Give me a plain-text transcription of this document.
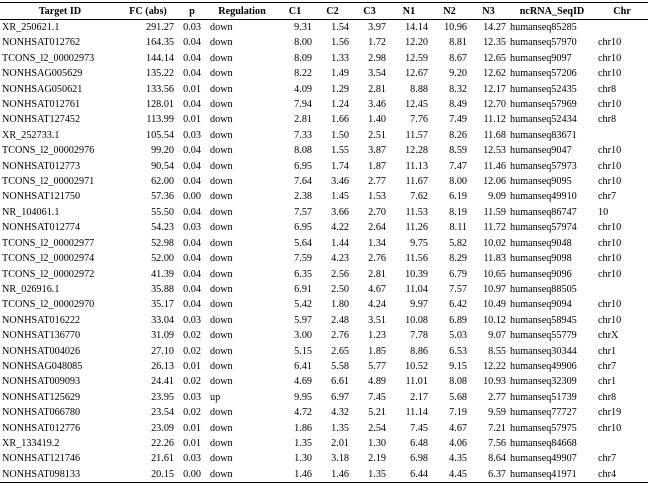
Target ID	FC (abs)	p	Regulation	C1	C2	C3	N1	N2	N3	ncRNA_SeqID	Chr
XR_250621.1	291.27	0.03	down	9.31	1.54	3.97	14.14	10.96	14.27	humanseq85285	
NONHSAT012762	164.35	0.04	down	8.00	1.56	1.72	12.20	8.81	12.35	humanseq57970	chr10
TCONS_l2_00002973	144.14	0.04	down	8.09	1.33	2.98	12.59	8.67	12.65	humanseq9097	chr10
NONHSAG005629	135.22	0.04	down	8.22	1.49	3.54	12.67	9.20	12.62	humanseq57206	chr10
NONHSAG050621	133.56	0.01	down	4.09	1.29	2.81	8.88	8.32	12.17	humanseq52435	chr8
NONHSAT012761	128.01	0.04	down	7.94	1.24	3.46	12.45	8.49	12.70	humanseq57969	chr10
NONHSAT127452	113.99	0.01	down	2.81	1.66	1.40	7.76	7.49	11.12	humanseq52434	chr8
XR_252733.1	105.54	0.03	down	7.33	1.50	2.51	11.57	8.26	11.68	humanseq83671	
TCONS_l2_00002976	99.20	0.04	down	8.08	1.55	3.87	12.28	8.59	12.53	humanseq9047	chr10
NONHSAT012773	90.54	0.04	down	6.95	1.74	1.87	11.13	7.47	11.46	humanseq57973	chr10
TCONS_l2_00002971	62.00	0.04	down	7.64	3.46	2.77	11.67	8.00	12.06	humanseq9095	chr10
NONHSAT121750	57.36	0.00	down	2.38	1.45	1.53	7.62	6.19	9.09	humanseq49910	chr7
NR_104061.1	55.50	0.04	down	7.57	3.66	2.70	11.53	8.19	11.59	humanseq86747	10
NONHSAT012774	54.23	0.03	down	6.95	4.22	2.64	11.26	8.11	11.72	humanseq57974	chr10
TCONS_l2_00002977	52.98	0.04	down	5.64	1.44	1.34	9.75	5.82	10.02	humanseq9048	chr10
TCONS_l2_00002974	52.00	0.04	down	7.59	4.23	2.76	11.56	8.29	11.83	humanseq9098	chr10
TCONS_l2_00002972	41.39	0.04	down	6.35	2.56	2.81	10.39	6.79	10.65	humanseq9096	chr10
NR_026916.1	35.88	0.04	down	6.91	2.50	4.67	11.04	7.57	10.97	humanseq88505	
TCONS_l2_00002970	35.17	0.04	down	5.42	1.80	4.24	9.97	6.42	10.49	humanseq9094	chr10
NONHSAT016222	33.04	0.03	down	5.97	2.48	3.51	10.08	6.89	10.12	humanseq58945	chr10
NONHSAT136770	31.09	0.02	down	3.00	2.76	1.23	7.78	5.03	9.07	humanseq55779	chrX
NONHSAT004026	27.10	0.02	down	5.15	2.65	1.85	8.86	6.53	8.55	humanseq30344	chr1
NONHSAG048085	26.13	0.01	down	6.41	5.58	5.77	10.52	9.15	12.22	humanseq49906	chr7
NONHSAT009093	24.41	0.02	down	4.69	6.61	4.89	11.01	8.08	10.93	humanseq32309	chr1
NONHSAT125629	23.95	0.03	up	9.95	6.97	7.45	2.17	5.68	2.77	humanseq51739	chr8
NONHSAT066780	23.54	0.02	down	4.72	4.32	5.21	11.14	7.19	9.59	humanseq77727	chr19
NONHSAT012776	23.09	0.01	down	1.86	1.35	2.54	7.45	4.67	7.21	humanseq57975	chr10
XR_133419.2	22.26	0.01	down	1.35	2.01	1.30	6.48	4.06	7.56	humanseq84668	
NONHSAT121746	21.61	0.03	down	1.30	3.18	2.19	6.98	4.35	8.64	humanseq49907	chr7
NONHSAT098133	20.15	0.00	down	1.46	1.46	1.35	6.44	4.45	6.37	humanseq41971	chr4
